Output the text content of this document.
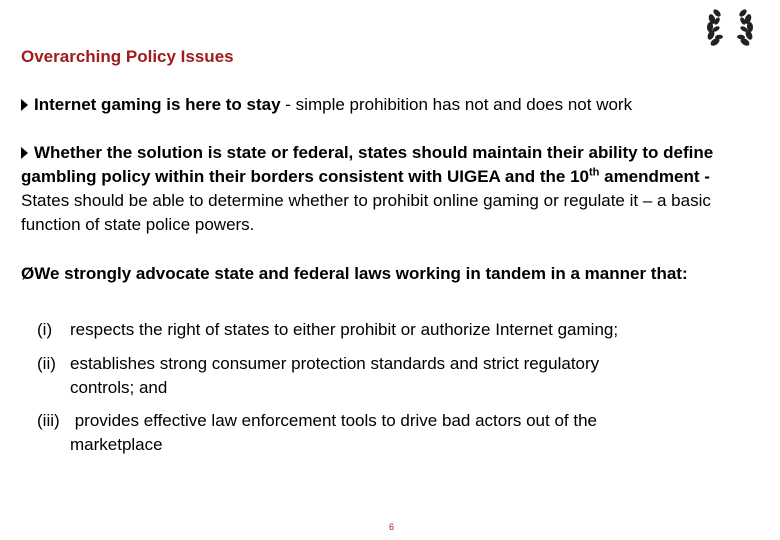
Overarching Policy Issues
Internet gaming is here to stay - simple prohibition has not and does not work
Whether the solution is state or federal, states should maintain their ability to define gambling policy within their borders consistent with UIGEA and the 10th amendment - States should be able to determine whether to prohibit online gaming or regulate it – a basic function of state police powers.
ØWe strongly advocate state and federal laws working in tandem in a manner that:
(i) respects the right of states to either prohibit or authorize Internet gaming;
(ii) establishes strong consumer protection standards and strict regulatory
controls; and
(iii) provides effective law enforcement tools to drive bad actors out of the
marketplace
6
